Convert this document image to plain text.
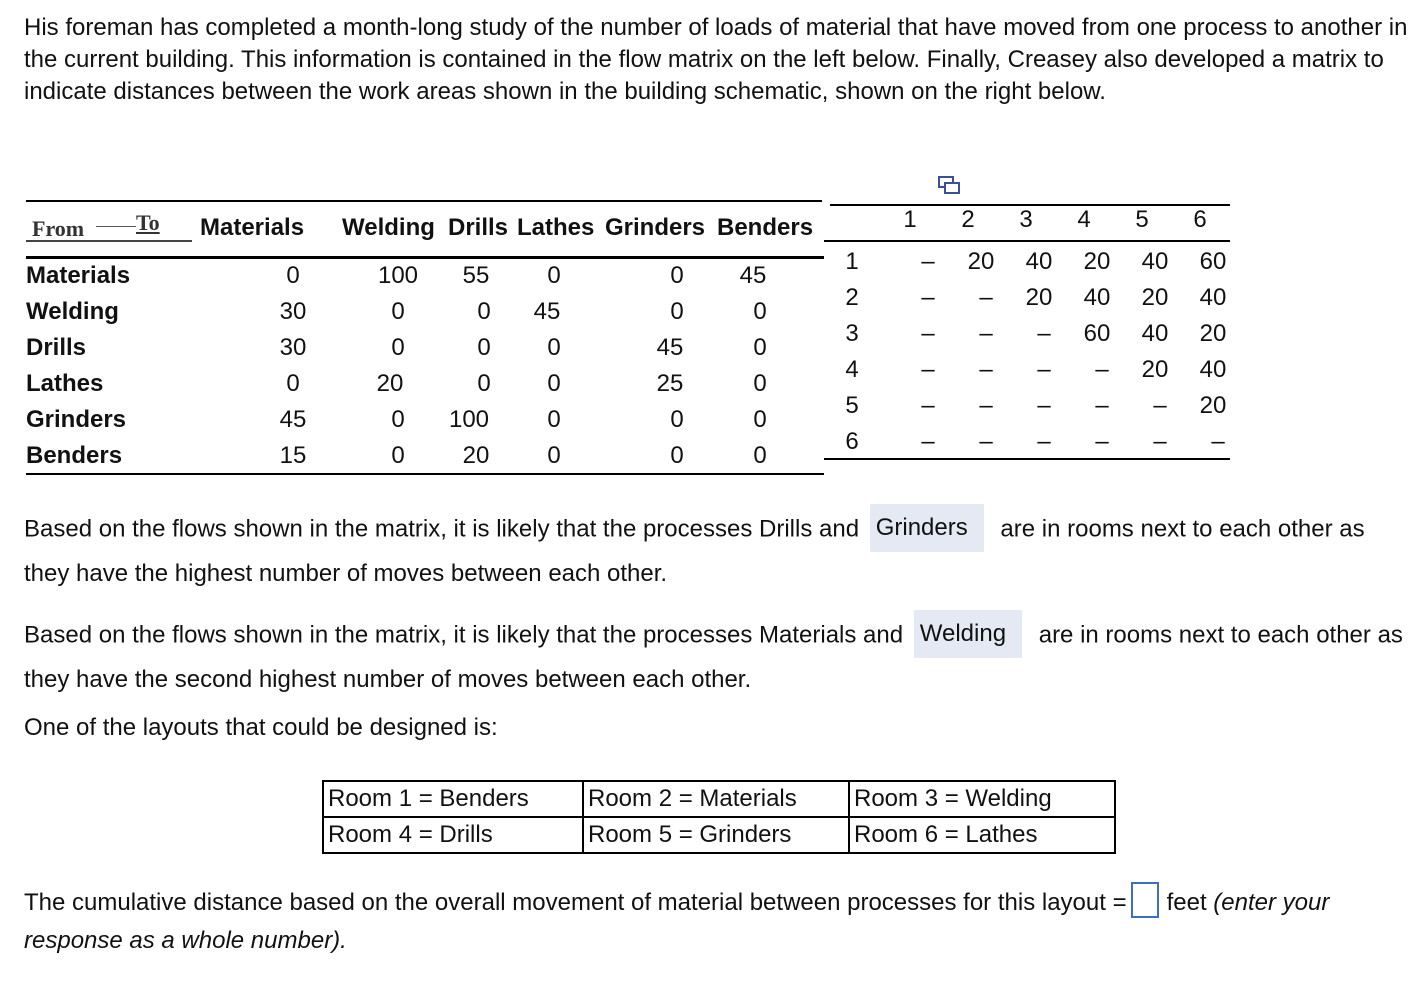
His foreman has completed a month-long study of the number of loads of material that have moved from one process to another in the current building. This information is contained in the flow matrix on the left below. Finally, Creasey also developed a matrix to indicate distances between the work areas shown in the building schematic, shown on the right below.

From To Materials Welding Drills Lathes Grinders Benders
Materials	0	100	55	0	0	45
Welding	30	0	0	45	0	0
Drills	30	0	0	0	45	0
Lathes	0	20	0	0	25	0
Grinders	45	0	100	0	0	0
Benders	15	0	20	0	0	0
1	2	3	4	5	6
1	–	20 40 20 40 60
2	–	–	20 40 20 40
3	–	–	–	60 40 20
4	–	–	–	–	20 40
5	–	–	–	–	–	20
6	–	–	–	–	–	–

Based on the flows shown in the matrix, it is likely that the processes Drills and Grinders are in rooms next to each other as they have the highest number of moves between each other.

Based on the flows shown in the matrix, it is likely that the processes Materials and Welding are in rooms next to each other as they have the second highest number of moves between each other.

One of the layouts that could be designed is:

Room 1 = Benders	Room 2 = Materials	Room 3 = Welding
Room 4 = Drills	Room 5 = Grinders	Room 6 = Lathes

The cumulative distance based on the overall movement of material between processes for this layout = feet (enter your response as a whole number).
